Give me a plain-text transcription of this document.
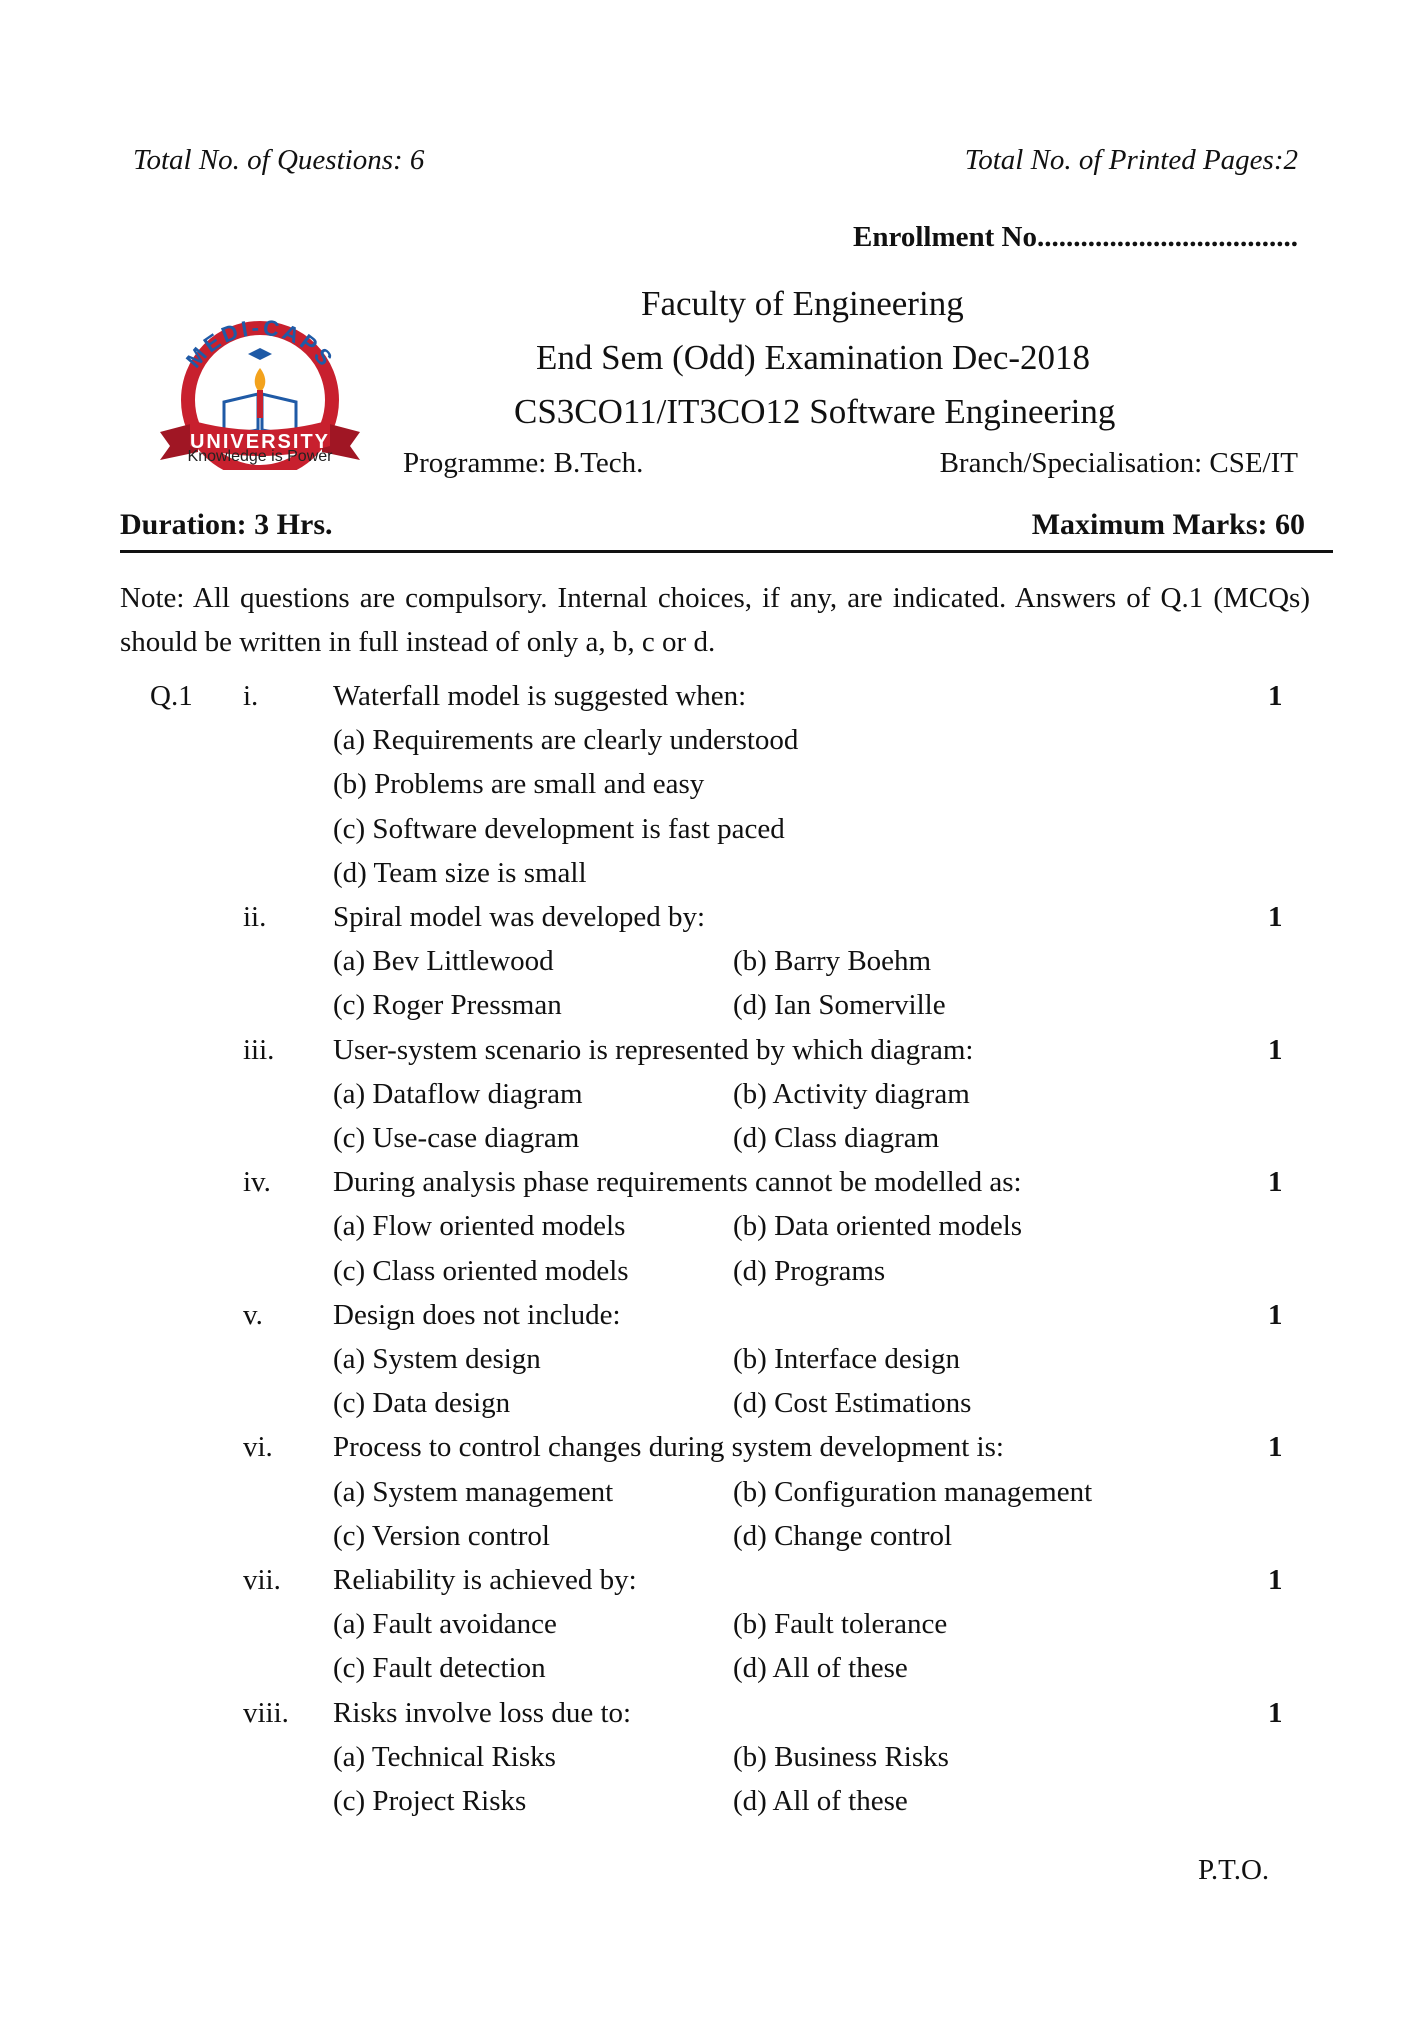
Total No. of Questions: 6	Total No. of Printed Pages:2
Enrollment No....................................
MEDI-CAPS
UNIVERSITY
Knowledge is Power
Faculty of Engineering
End Sem (Odd) Examination Dec-2018
CS3CO11/IT3CO12 Software Engineering
Programme: B.Tech.	Branch/Specialisation: CSE/IT
Duration: 3 Hrs.	Maximum Marks: 60
Note: All questions are compulsory. Internal choices, if any, are indicated. Answers of Q.1 (MCQs) should be written in full instead of only a, b, c or d.
Q.1 i.	Waterfall model is suggested when:	1
(a) Requirements are clearly understood
(b) Problems are small and easy
(c) Software development is fast paced
(d) Team size is small
ii. Spiral model was developed by:	1
(a) Bev Littlewood	(b) Barry Boehm
(c) Roger Pressman	(d) Ian Somerville
iii. User-system scenario is represented by which diagram:	1
(a) Dataflow diagram	(b) Activity diagram
(c) Use-case diagram	(d) Class diagram
iv. During analysis phase requirements cannot be modelled as:	1
(a) Flow oriented models	(b) Data oriented models
(c) Class oriented models	(d) Programs
v. Design does not include:	1
(a) System design	(b) Interface design
(c) Data design	(d) Cost Estimations
vi. Process to control changes during system development is:	1
(a) System management	(b) Configuration management
(c) Version control	(d) Change control
vii. Reliability is achieved by:	1
(a) Fault avoidance	(b) Fault tolerance
(c) Fault detection	(d) All of these
viii. Risks involve loss due to:	1
(a) Technical Risks	(b) Business Risks
(c) Project Risks	(d) All of these
P.T.O.
